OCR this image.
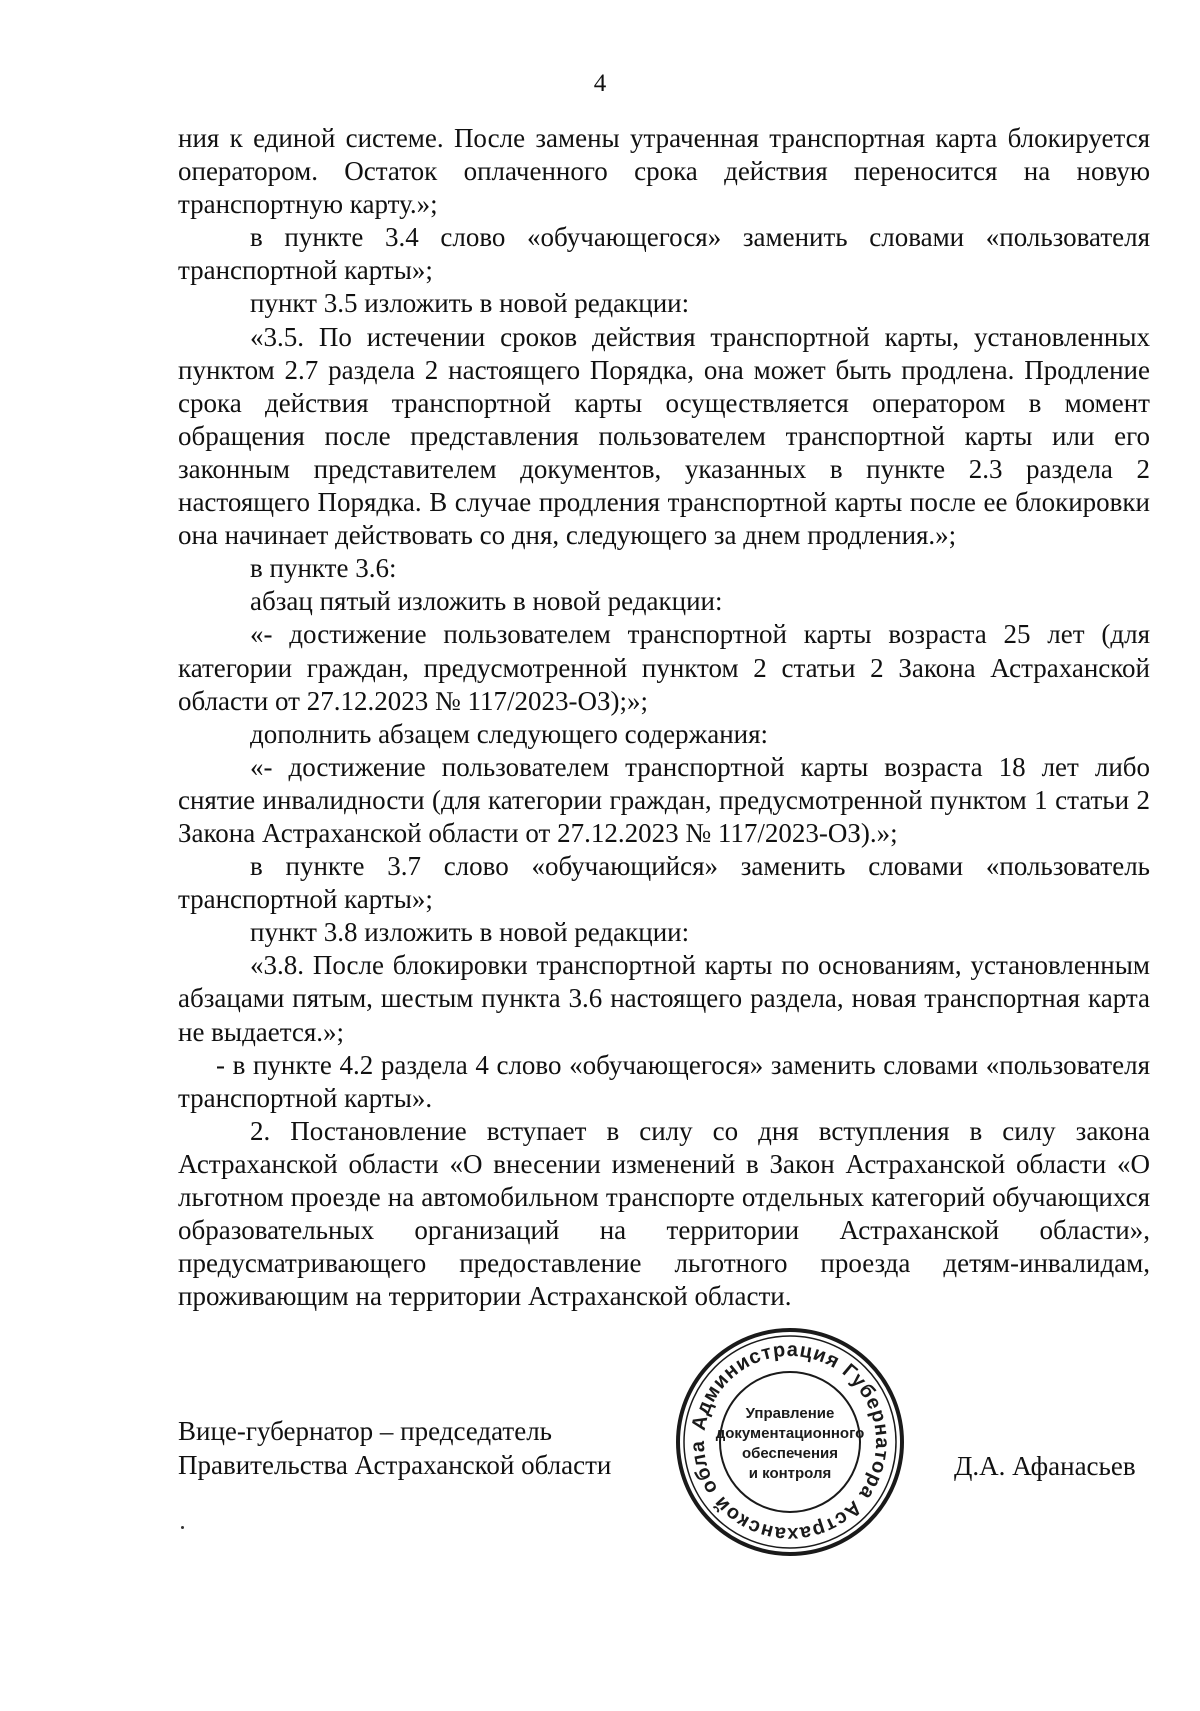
4

ния к единой системе. После замены утраченная транспортная карта блокируется оператором. Остаток оплаченного срока действия переносится на новую транспортную карту.»;

в пункте 3.4 слово «обучающегося» заменить словами «пользователя транспортной карты»;

пункт 3.5 изложить в новой редакции:

«3.5. По истечении сроков действия транспортной карты, установленных пунктом 2.7 раздела 2 настоящего Порядка, она может быть продлена. Продление срока действия транспортной карты осуществляется оператором в момент обращения после представления пользователем транспортной карты или его законным представителем документов, указанных в пункте 2.3 раздела 2 настоящего Порядка. В случае продления транспортной карты после ее блокировки она начинает действовать со дня, следующего за днем продления.»;

в пункте 3.6:

абзац пятый изложить в новой редакции:

«- достижение пользователем транспортной карты возраста 25 лет (для категории граждан, предусмотренной пунктом 2 статьи 2 Закона Астраханской области от 27.12.2023 № 117/2023-ОЗ);»;

дополнить абзацем следующего содержания:

«- достижение пользователем транспортной карты возраста 18 лет либо снятие инвалидности (для категории граждан, предусмотренной пунктом 1 статьи 2 Закона Астраханской области от 27.12.2023 № 117/2023-ОЗ).»;

в пункте 3.7 слово «обучающийся» заменить словами «пользователь транспортной карты»;

пункт 3.8 изложить в новой редакции:

«3.8. После блокировки транспортной карты по основаниям, установленным абзацами пятым, шестым пункта 3.6 настоящего раздела, новая транспортная карта не выдается.»;

- в пункте 4.2 раздела 4 слово «обучающегося» заменить словами «пользователя транспортной карты».

2. Постановление вступает в силу со дня вступления в силу закона Астраханской области «О внесении изменений в Закон Астраханской области «О льготном проезде на автомобильном транспорте отдельных категорий обучающихся образовательных организаций на территории Астраханской области», предусматривающего предоставление льготного проезда детям-инвалидам, проживающим на территории Астраханской области.

Вице-губернатор – председатель
Правительства Астраханской области
Администрация Губернатора Астраханской обла
Управление
документационного
обеспечения
и контроля	Д.А. Афанасьев
